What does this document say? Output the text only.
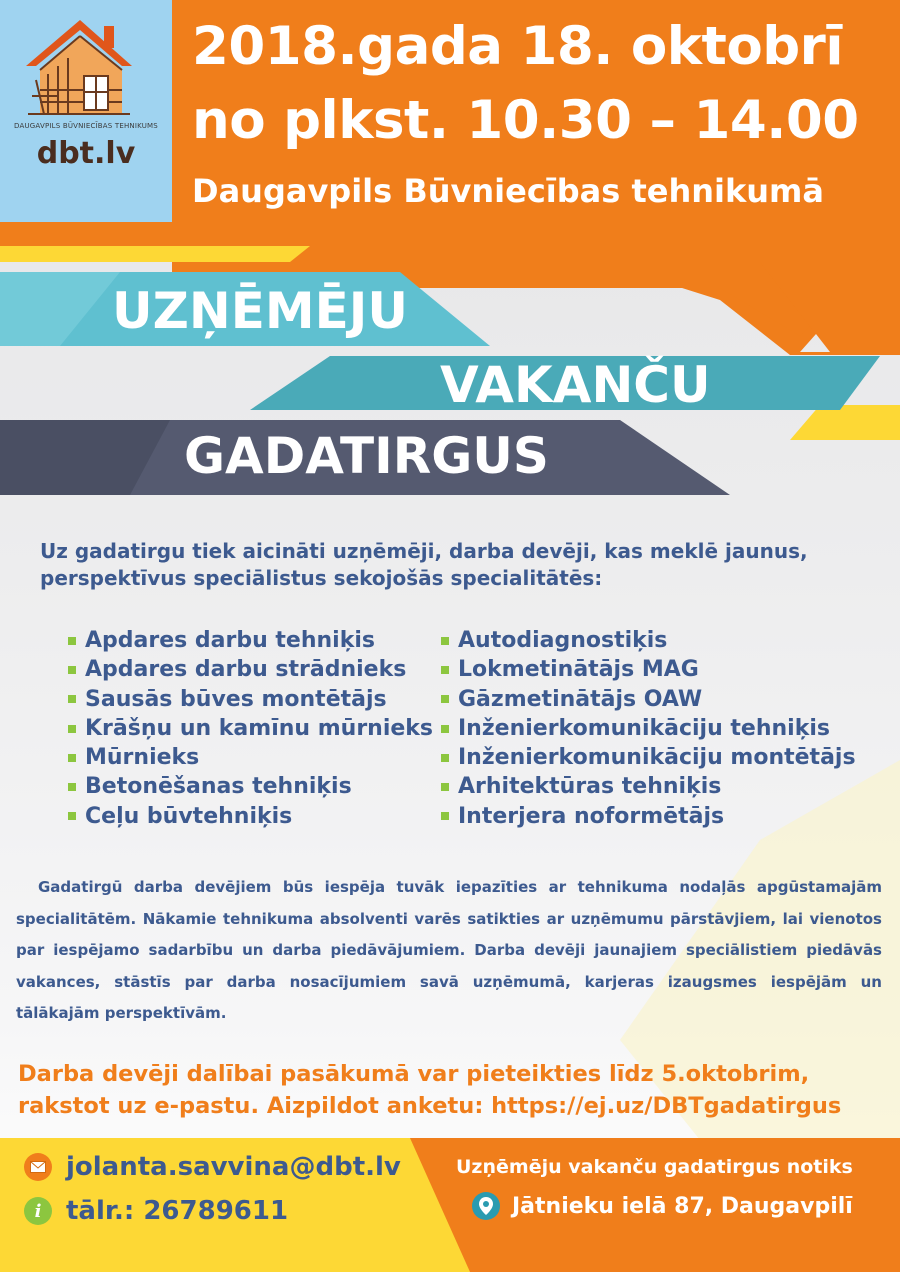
DAUGAVPILS BŪVNIECĪBAS TEHNIKUMS
dbt.lv
2018.gada 18. oktobrī
no plkst. 10.30 – 14.00
Daugavpils Būvniecības tehnikumā
UZŅĒMĒJU
VAKANČU
GADATIRGUS
Uz gadatirgu tiek aicināti uzņēmēji, darba devēji, kas meklē jaunus, perspektīvus speciālistus sekojošās specialitātēs:
Apdares darbu tehniķis
Apdares darbu strādnieks
Sausās būves montētājs
Krāšņu un kamīnu mūrnieks
Mūrnieks
Betonēšanas tehniķis
Ceļu būvtehniķis
Autodiagnostiķis
Lokmetinātājs MAG
Gāzmetinātājs OAW
Inženierkomunikāciju tehniķis
Inženierkomunikāciju montētājs
Arhitektūras tehniķis
Interjera noformētājs
Gadatirgū darba devējiem būs iespēja tuvāk iepazīties ar tehnikuma nodaļās apgūstamajām specialitātēm. Nākamie tehnikuma absolventi varēs satikties ar uzņēmumu pārstāvjiem, lai vienotos par iespējamo sadarbību un darba piedāvājumiem. Darba devēji jaunajiem speciālistiem piedāvās vakances, stāstīs par darba nosacījumiem savā uzņēmumā, karjeras izaugsmes iespējām un tālākajām perspektīvām.
Darba devēji dalībai pasākumā var pieteikties līdz 5.oktobrim,
rakstot uz e-pastu. Aizpildot anketu: https://ej.uz/DBTgadatirgus
jolanta.savvina@dbt.lv
i tālr.: 26789611
Uzņēmēju vakanču gadatirgus notiks
Jātnieku ielā 87, Daugavpilī
